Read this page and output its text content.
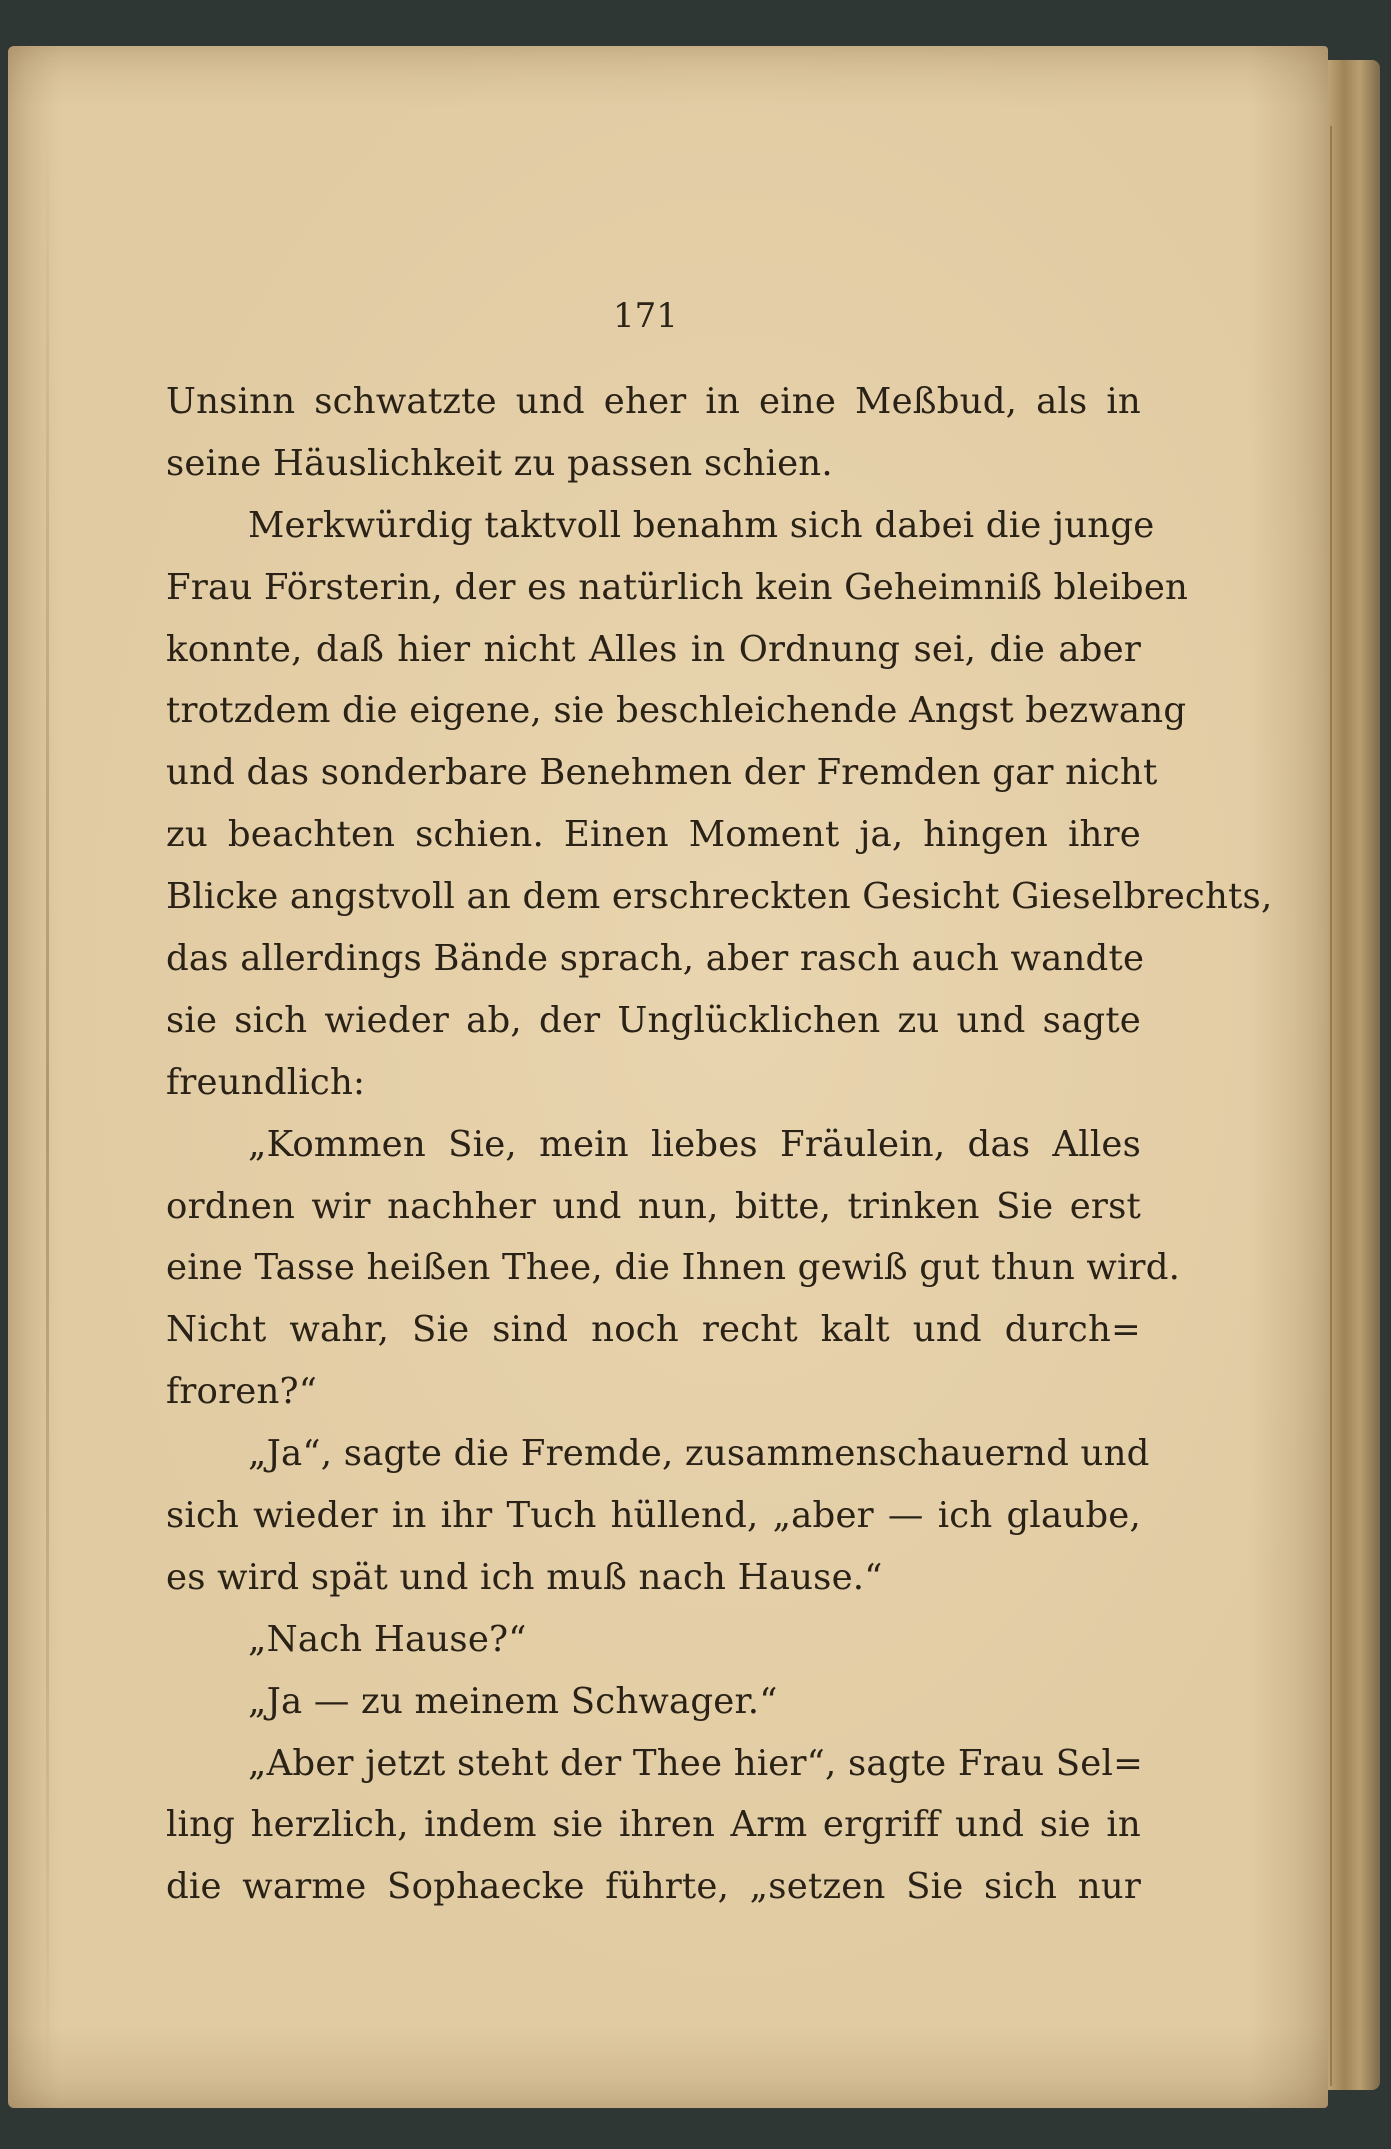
171
Unsinn schwatzte und eher in eine Meßbud, als in
seine Häuslichkeit zu passen schien.
Merkwürdig taktvoll benahm sich dabei die junge
Frau Försterin, der es natürlich kein Geheimniß bleiben
konnte, daß hier nicht Alles in Ordnung sei, die aber
trotzdem die eigene, sie beschleichende Angst bezwang
und das sonderbare Benehmen der Fremden gar nicht
zu beachten schien. Einen Moment ja, hingen ihre
Blicke angstvoll an dem erschreckten Gesicht Gieselbrechts,
das allerdings Bände sprach, aber rasch auch wandte
sie sich wieder ab, der Unglücklichen zu und sagte
freundlich:
„Kommen Sie, mein liebes Fräulein, das Alles
ordnen wir nachher und nun, bitte, trinken Sie erst
eine Tasse heißen Thee, die Ihnen gewiß gut thun wird.
Nicht wahr, Sie sind noch recht kalt und durch=
froren?“
„Ja“, sagte die Fremde, zusammenschauernd und
sich wieder in ihr Tuch hüllend, „aber — ich glaube,
es wird spät und ich muß nach Hause.“
„Nach Hause?“
„Ja — zu meinem Schwager.“
„Aber jetzt steht der Thee hier“, sagte Frau Sel=
ling herzlich, indem sie ihren Arm ergriff und sie in
die warme Sophaecke führte, „setzen Sie sich nur
